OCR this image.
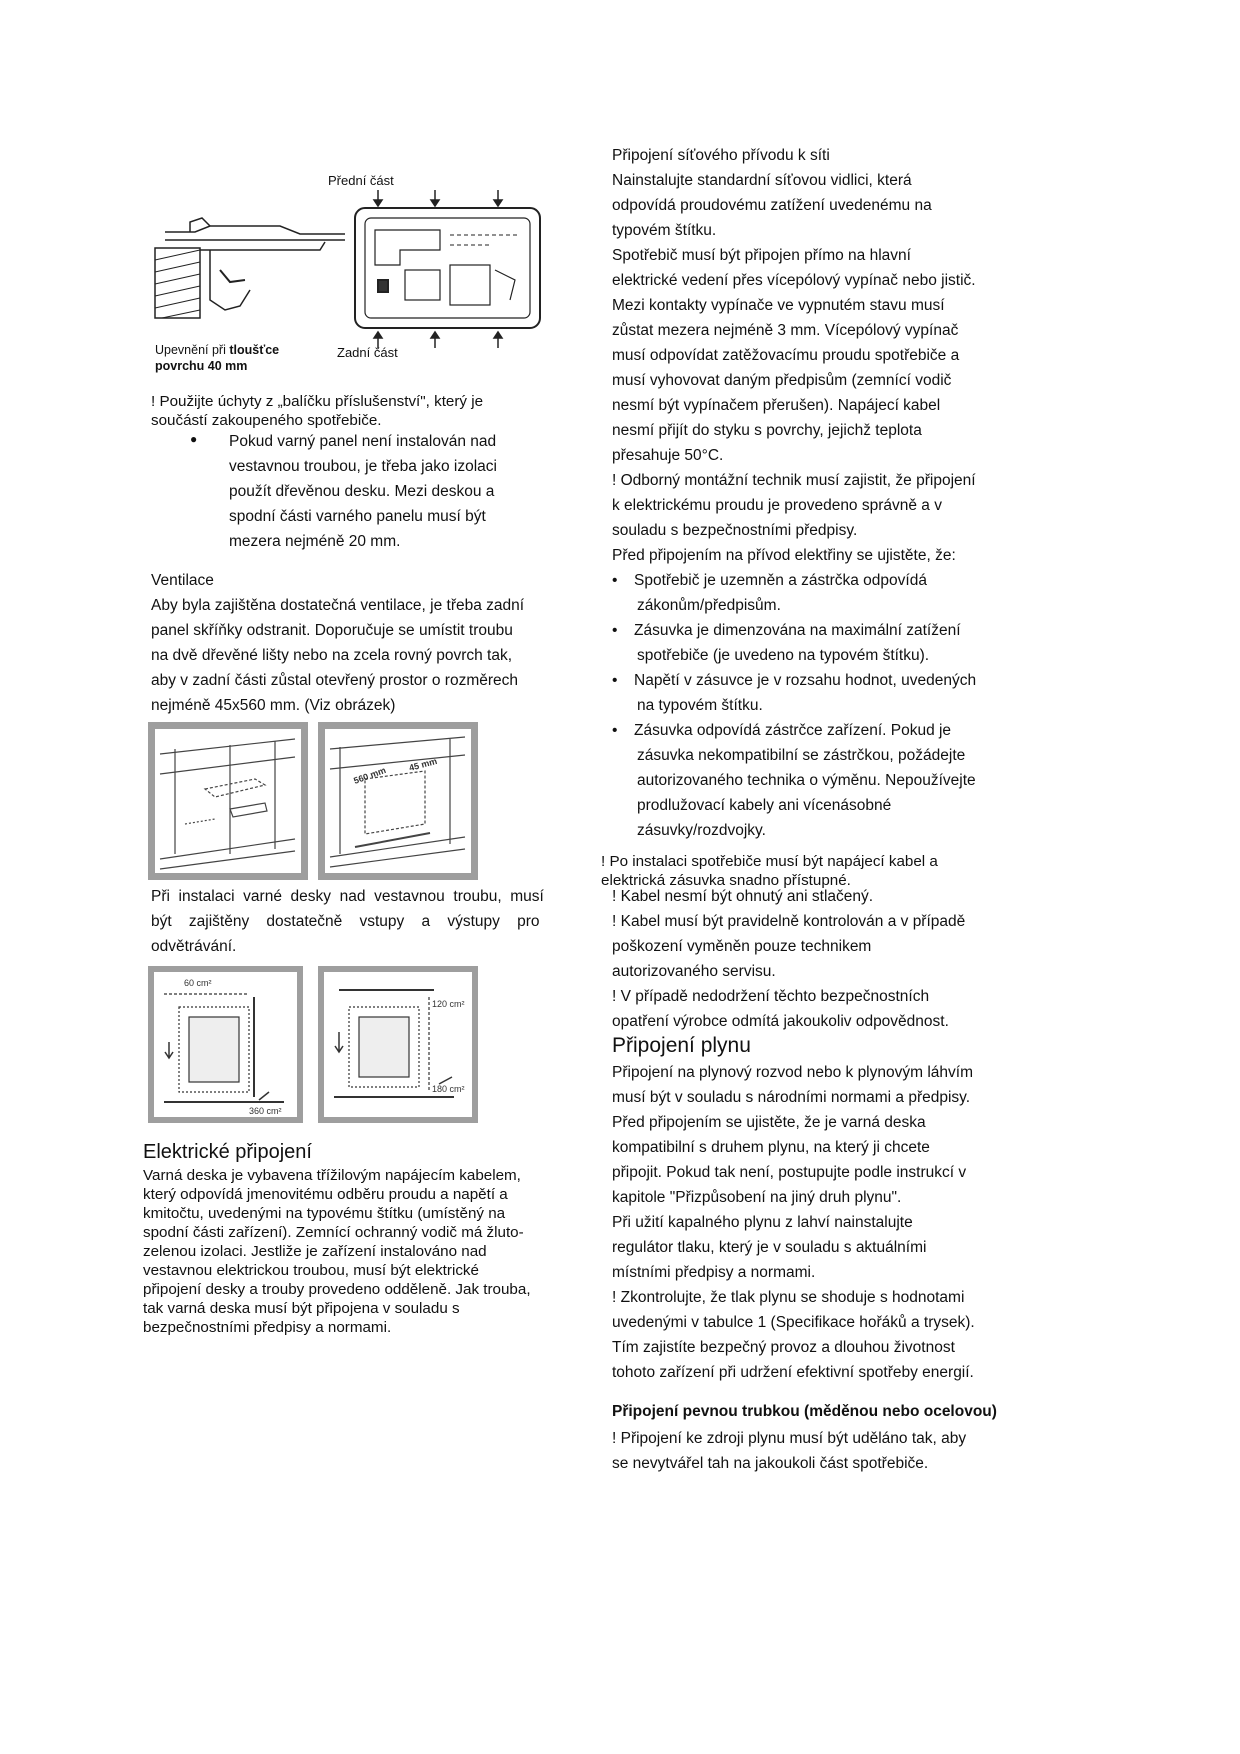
Přední část
Zadní část
Upevnění při tloušťce
povrchu 40 mm
! Použijte úchyty z „balíčku příslušenství", který je
součástí zakoupeného spotřebiče.
● Pokud varný panel není instalován nad
vestavnou troubou, je třeba jako izolaci
použít dřevěnou desku. Mezi deskou a
spodní části varného panelu musí být
mezera nejméně 20 mm.
Ventilace
Aby byla zajištěna dostatečná ventilace, je třeba zadní
panel skříňky odstranit. Doporučuje se umístit troubu
na dvě dřevěné lišty nebo na zcela rovný povrch tak,
aby v zadní části zůstal otevřený prostor o rozměrech
nejméně 45x560 mm. (Viz obrázek)
560 mm
45 mm
Při  instalaci  varné  desky  nad  vestavnou  troubu,  musí
být    zajištěny    dostatečně    vstupy    a    výstupy    pro
odvětrávání.
60 cm²
360 cm²
120 cm²
180 cm²
Elektrické připojení
Varná deska je vybavena třížilovým napájecím kabelem,
který odpovídá jmenovitému odběru proudu a napětí a
kmitočtu, uvedenými na typovému štítku (umístěný na
spodní části zařízení). Zemnící ochranný vodič má žluto-
zelenou izolaci. Jestliže je zařízení instalováno nad
vestavnou elektrickou troubou, musí být elektrické
připojení desky a trouby provedeno odděleně. Jak trouba,
tak varná deska musí být připojena v souladu s
bezpečnostními předpisy a normami.
Připojení síťového přívodu k síti
Nainstalujte standardní síťovou vidlici, která
odpovídá proudovému zatížení uvedenému na
typovém štítku.
Spotřebič musí být připojen přímo na hlavní
elektrické vedení přes vícepólový vypínač nebo jistič.
Mezi kontakty vypínače ve vypnutém stavu musí
zůstat mezera nejméně 3 mm. Vícepólový vypínač
musí odpovídat zatěžovacímu proudu spotřebiče a
musí vyhovovat daným předpisům (zemnící vodič
nesmí být vypínačem přerušen). Napájecí kabel
nesmí přijít do styku s povrchy, jejichž teplota
přesahuje 50°C.
! Odborný montážní technik musí zajistit, že připojení
k elektrickému proudu je provedeno správně a v
souladu s bezpečnostními předpisy.
Před připojením na přívod elektřiny se ujistěte, že:
• Spotřebič je uzemněn a zástrčka odpovídá
zákonům/předpisům.
• Zásuvka je dimenzována na maximální zatížení
spotřebiče (je uvedeno na typovém štítku).
• Napětí v zásuvce je v rozsahu hodnot, uvedených
na typovém štítku.
• Zásuvka odpovídá zástrčce zařízení. Pokud je
zásuvka nekompatibilní se zástrčkou, požádejte
autorizovaného technika o výměnu. Nepoužívejte
prodlužovací kabely ani vícenásobné
zásuvky/rozdvojky.
! Po instalaci spotřebiče musí být napájecí kabel a
elektrická zásuvka snadno přístupné.
! Kabel nesmí být ohnutý ani stlačený.
! Kabel musí být pravidelně kontrolován a v případě
poškození vyměněn pouze technikem
autorizovaného servisu.
! V případě nedodržení těchto bezpečnostních
opatření výrobce odmítá jakoukoliv odpovědnost.
Připojení plynu
Připojení na plynový rozvod nebo k plynovým láhvím
musí být v souladu s národními normami a předpisy.
Před připojením se ujistěte, že je varná deska
kompatibilní s druhem plynu, na který ji chcete
připojit. Pokud tak není, postupujte podle instrukcí v
kapitole "Přizpůsobení na jiný druh plynu".
Při užití kapalného plynu z lahví nainstalujte
regulátor tlaku, který je v souladu s aktuálními
místními předpisy a normami.
! Zkontrolujte, že tlak plynu se shoduje s hodnotami
uvedenými v tabulce 1 (Specifikace hořáků a trysek).
Tím zajistíte bezpečný provoz a dlouhou životnost
tohoto zařízení při udržení efektivní spotřeby energií.
Připojení pevnou trubkou (měděnou nebo ocelovou)
! Připojení ke zdroji plynu musí být uděláno tak, aby
se nevytvářel tah na jakoukoli část spotřebiče.
